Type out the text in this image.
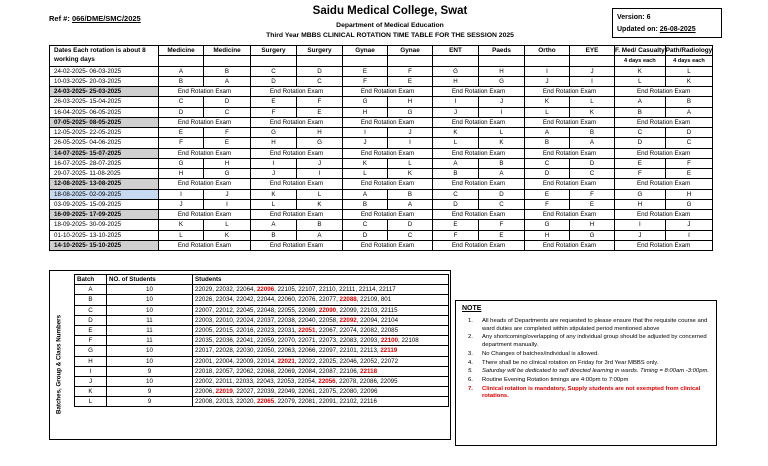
Ref #: 066/DME/SMC/2025
Saidu Medical College, Swat
Department of Medical Education
Third Year MBBS CLINICAL ROTATION TIME TABLE FOR THE SESSION 2025
Version: 6
Updated on: 26-08-2025
Dates Each rotation is about 8 working days	Medicine	Medicine	Surgery	Surgery	Gynae	Gynae	ENT	Paeds	Ortho	EYE	F. Med/ Casualty	Path/Radiology
											4 days each	4 days each
24-02-2025- 06-03-2025	A	B	C	D	E	F	G	H	I	J	K	L
10-03-2025- 20-03-2025	B	A	D	C	F	E	H	G	J	I	L	K
24-03-2025- 25-03-2025	End Rotation Exam		End Rotation Exam		End Rotation Exam		End Rotation Exam		End Rotation Exam		End Rotation Exam	
26-03-2025- 15-04-2025	C	D	E	F	G	H	I	J	K	L	A	B
16-04-2025- 06-05-2025	D	C	F	E	H	G	J	I	L	K	B	A
07-05-2025- 08-05-2025	End Rotation Exam		End Rotation Exam		End Rotation Exam		End Rotation Exam		End Rotation Exam		End Rotation Exam	
12-05-2025- 22-05-2025	E	F	G	H	I	J	K	L	A	B	C	D
26-05-2025- 04-06-2025	F	E	H	G	J	I	L	K	B	A	D	C
14-07-2025- 15-07-2025	End Rotation Exam		End Rotation Exam		End Rotation Exam		End Rotation Exam		End Rotation Exam		End Rotation Exam	
16-07-2025- 28-07-2025	G	H	I	J	K	L	A	B	C	D	E	F
29-07-2025- 11-08-2025	H	G	J	I	L	K	B	A	D	C	F	E
12-08-2025- 13-08-2025	End Rotation Exam		End Rotation Exam		End Rotation Exam		End Rotation Exam		End Rotation Exam		End Rotation Exam	
18-08-2025- 02-09-2025	I	J	K	L	A	B	C	D	E	F	G	H
03-09-2025- 15-09-2025	J	I	L	K	B	A	D	C	F	E	H	G
16-09-2025- 17-09-2025	End Rotation Exam		End Rotation Exam		End Rotation Exam		End Rotation Exam		End Rotation Exam		End Rotation Exam	
18-09-2025- 30-09-2025	K	L	A	B	C	D	E	F	G	H	I	J
01-10-2025- 13-10-2025	L	K	B	A	D	C	F	E	H	G	J	I
14-10-2025- 15-10-2025	End Rotation Exam		End Rotation Exam		End Rotation Exam		End Rotation Exam		End Rotation Exam		End Rotation Exam	
Batches, Group & Class Numbers
Batch	NO. of Students	Students
A	10	22029, 22032, 22064, 22096, 22105, 22107, 22110, 22111, 22114, 22117
B	10	22026, 22034, 22042, 22044, 22060, 22076, 22077, 22088, 22109, 801
C	10	22007, 22012, 22045, 22048, 22055, 22089, 22090, 22099, 22103, 22115
D	11	22003, 22010, 22024, 22037, 22038, 22040, 22058, 22092, 22094, 22104
E	11	22005, 22015, 22016, 22023, 22031, 22051, 22067, 22074, 22082, 22085
F	11	22035, 22036, 22041, 22059, 22070, 22071, 22073, 22083, 22093, 22100, 22108
G	10	22017, 22028, 22030, 22050, 22063, 22066, 22097, 22101, 22113, 22119
H	10	22001, 22004, 22009, 22014, 22021, 22022, 22025, 22046, 22052, 22072
I	9	22018, 22057, 22062, 22068, 22069, 22084, 22087, 22106, 22118
J	10	22002, 22011, 22033, 22043, 22053, 22054, 22056, 22078, 22086, 22095
K	9	22006, 22019, 22027, 22039, 22049, 22061, 22075, 22080, 22096
L	9	22008, 22013, 22020, 22065, 22079, 22081, 22091, 22102, 22116
NOTE
1. All heads of Departments are requested to please ensure that the requisite course and ward duties are completed within stipulated period mentioned above
2. Any shortcoming/overlapping of any individual group should be adjusted by concerned department manually.
3. No Changes of batches/individual is allowed.
4. There shall be no clinical rotation on Friday for 3rd Year MBBS only.
5. Saturday will be dedicated to self directed learning in wards. Timing = 8:00am -3:00pm.
6. Routine Evening Rotation timings are 4:00pm to 7:00pm
7. Clinical rotation is mandatory, Supply students are not exempted from clinical rotations.
